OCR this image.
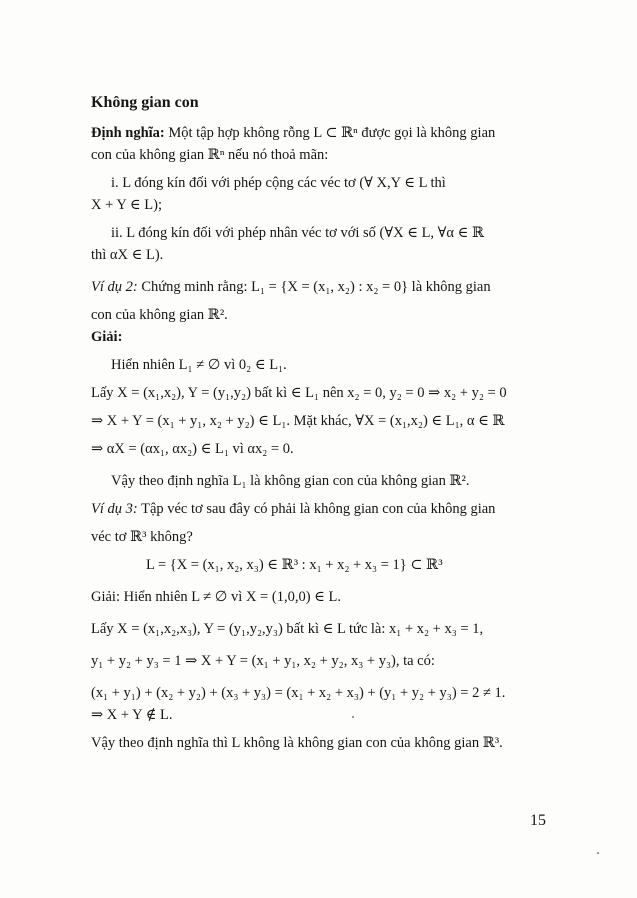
Không gian con
Định nghĩa: Một tập hợp không rỗng L ⊂ ℝⁿ được gọi là không gian
con của không gian ℝⁿ nếu nó thoả mãn:
i. L đóng kín đối với phép cộng các véc tơ (∀ X,Y ∈ L thì
X + Y ∈ L);
ii. L đóng kín đối với phép nhân véc tơ với số (∀X ∈ L, ∀α ∈ ℝ
thì αX ∈ L).
Ví dụ 2: Chứng minh rằng: L₁ = {X = (x₁, x₂) : x₂ = 0} là không gian
con của không gian ℝ².
Giải:
Hiển nhiên L₁ ≠ ∅ vì 0₂ ∈ L₁.
Lấy X = (x₁,x₂), Y = (y₁,y₂) bất kì ∈ L₁ nên x₂ = 0, y₂ = 0 ⇒ x₂ + y₂ = 0
⇒ X + Y = (x₁ + y₁, x₂ + y₂) ∈ L₁. Mặt khác, ∀X = (x₁,x₂) ∈ L₁, α ∈ ℝ
⇒ αX = (αx₁, αx₂) ∈ L₁ vì αx₂ = 0.
Vậy theo định nghĩa L₁ là không gian con của không gian ℝ².
Ví dụ 3: Tập véc tơ sau đây có phải là không gian con của không gian
véc tơ ℝ³ không?
L = {X = (x₁, x₂, x₃) ∈ ℝ³ : x₁ + x₂ + x₃ = 1} ⊂ ℝ³
Giải: Hiển nhiên L ≠ ∅ vì X = (1,0,0) ∈ L.
Lấy X = (x₁,x₂,x₃), Y = (y₁,y₂,y₃) bất kì ∈ L tức là: x₁ + x₂ + x₃ = 1,
y₁ + y₂ + y₃ = 1 ⇒ X + Y = (x₁ + y₁, x₂ + y₂, x₃ + y₃), ta có:
(x₁ + y₁) + (x₂ + y₂) + (x₃ + y₃) = (x₁ + x₂ + x₃) + (y₁ + y₂ + y₃) = 2 ≠ 1.
⇒ X + Y ∉ L.
Vậy theo định nghĩa thì L không là không gian con của không gian ℝ³.
15
